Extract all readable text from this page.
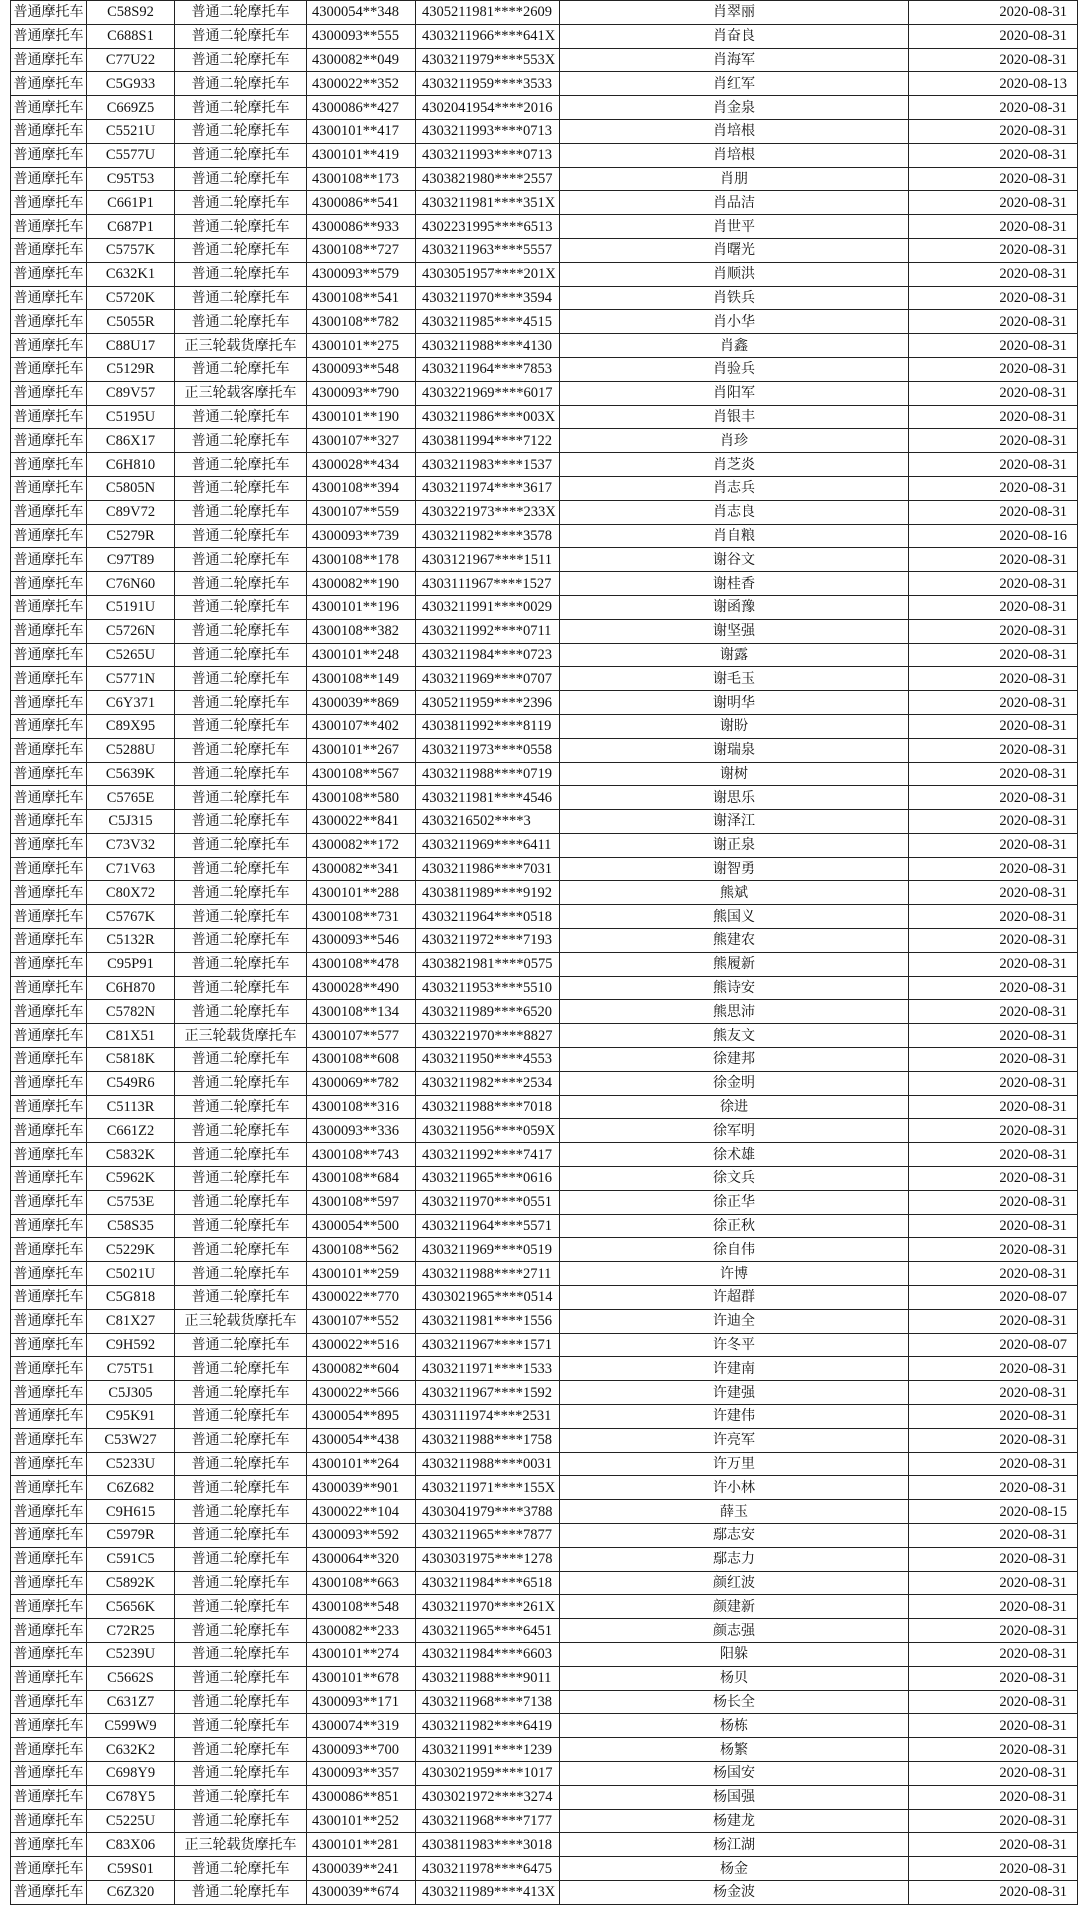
普通摩托车	C58S92	普通二轮摩托车	4300054**348	4305211981****2609	肖翠丽	2020-08-31
普通摩托车	C688S1	普通二轮摩托车	4300093**555	4303211966****641X	肖奋良	2020-08-31
普通摩托车	C77U22	普通二轮摩托车	4300082**049	4303211979****553X	肖海军	2020-08-31
普通摩托车	C5G933	普通二轮摩托车	4300022**352	4303211959****3533	肖红军	2020-08-13
普通摩托车	C669Z5	普通二轮摩托车	4300086**427	4302041954****2016	肖金泉	2020-08-31
普通摩托车	C5521U	普通二轮摩托车	4300101**417	4303211993****0713	肖培根	2020-08-31
普通摩托车	C5577U	普通二轮摩托车	4300101**419	4303211993****0713	肖培根	2020-08-31
普通摩托车	C95T53	普通二轮摩托车	4300108**173	4303821980****2557	肖朋	2020-08-31
普通摩托车	C661P1	普通二轮摩托车	4300086**541	4303211981****351X	肖品洁	2020-08-31
普通摩托车	C687P1	普通二轮摩托车	4300086**933	4302231995****6513	肖世平	2020-08-31
普通摩托车	C5757K	普通二轮摩托车	4300108**727	4303211963****5557	肖曙光	2020-08-31
普通摩托车	C632K1	普通二轮摩托车	4300093**579	4303051957****201X	肖顺洪	2020-08-31
普通摩托车	C5720K	普通二轮摩托车	4300108**541	4303211970****3594	肖铁兵	2020-08-31
普通摩托车	C5055R	普通二轮摩托车	4300108**782	4303211985****4515	肖小华	2020-08-31
普通摩托车	C88U17	正三轮载货摩托车	4300101**275	4303211988****4130	肖鑫	2020-08-31
普通摩托车	C5129R	普通二轮摩托车	4300093**548	4303211964****7853	肖验兵	2020-08-31
普通摩托车	C89V57	正三轮载客摩托车	4300093**790	4303221969****6017	肖阳军	2020-08-31
普通摩托车	C5195U	普通二轮摩托车	4300101**190	4303211986****003X	肖银丰	2020-08-31
普通摩托车	C86X17	普通二轮摩托车	4300107**327	4303811994****7122	肖珍	2020-08-31
普通摩托车	C6H810	普通二轮摩托车	4300028**434	4303211983****1537	肖芝炎	2020-08-31
普通摩托车	C5805N	普通二轮摩托车	4300108**394	4303211974****3617	肖志兵	2020-08-31
普通摩托车	C89V72	普通二轮摩托车	4300107**559	4303221973****233X	肖志良	2020-08-31
普通摩托车	C5279R	普通二轮摩托车	4300093**739	4303211982****3578	肖自粮	2020-08-16
普通摩托车	C97T89	普通二轮摩托车	4300108**178	4303121967****1511	谢谷文	2020-08-31
普通摩托车	C76N60	普通二轮摩托车	4300082**190	4303111967****1527	谢桂香	2020-08-31
普通摩托车	C5191U	普通二轮摩托车	4300101**196	4303211991****0029	谢函豫	2020-08-31
普通摩托车	C5726N	普通二轮摩托车	4300108**382	4303211992****0711	谢坚强	2020-08-31
普通摩托车	C5265U	普通二轮摩托车	4300101**248	4303211984****0723	谢露	2020-08-31
普通摩托车	C5771N	普通二轮摩托车	4300108**149	4303211969****0707	谢毛玉	2020-08-31
普通摩托车	C6Y371	普通二轮摩托车	4300039**869	4305211959****2396	谢明华	2020-08-31
普通摩托车	C89X95	普通二轮摩托车	4300107**402	4303811992****8119	谢盼	2020-08-31
普通摩托车	C5288U	普通二轮摩托车	4300101**267	4303211973****0558	谢瑞泉	2020-08-31
普通摩托车	C5639K	普通二轮摩托车	4300108**567	4303211988****0719	谢树	2020-08-31
普通摩托车	C5765E	普通二轮摩托车	4300108**580	4303211981****4546	谢思乐	2020-08-31
普通摩托车	C5J315	普通二轮摩托车	4300022**841	4303216502****3	谢泽江	2020-08-31
普通摩托车	C73V32	普通二轮摩托车	4300082**172	4303211969****6411	谢正泉	2020-08-31
普通摩托车	C71V63	普通二轮摩托车	4300082**341	4303211986****7031	谢智勇	2020-08-31
普通摩托车	C80X72	普通二轮摩托车	4300101**288	4303811989****9192	熊斌	2020-08-31
普通摩托车	C5767K	普通二轮摩托车	4300108**731	4303211964****0518	熊国义	2020-08-31
普通摩托车	C5132R	普通二轮摩托车	4300093**546	4303211972****7193	熊建农	2020-08-31
普通摩托车	C95P91	普通二轮摩托车	4300108**478	4303821981****0575	熊履新	2020-08-31
普通摩托车	C6H870	普通二轮摩托车	4300028**490	4303211953****5510	熊诗安	2020-08-31
普通摩托车	C5782N	普通二轮摩托车	4300108**134	4303211989****6520	熊思沛	2020-08-31
普通摩托车	C81X51	正三轮载货摩托车	4300107**577	4303221970****8827	熊友文	2020-08-31
普通摩托车	C5818K	普通二轮摩托车	4300108**608	4303211950****4553	徐建邦	2020-08-31
普通摩托车	C549R6	普通二轮摩托车	4300069**782	4303211982****2534	徐金明	2020-08-31
普通摩托车	C5113R	普通二轮摩托车	4300108**316	4303211988****7018	徐进	2020-08-31
普通摩托车	C661Z2	普通二轮摩托车	4300093**336	4303211956****059X	徐军明	2020-08-31
普通摩托车	C5832K	普通二轮摩托车	4300108**743	4303211992****7417	徐术雄	2020-08-31
普通摩托车	C5962K	普通二轮摩托车	4300108**684	4303211965****0616	徐文兵	2020-08-31
普通摩托车	C5753E	普通二轮摩托车	4300108**597	4303211970****0551	徐正华	2020-08-31
普通摩托车	C58S35	普通二轮摩托车	4300054**500	4303211964****5571	徐正秋	2020-08-31
普通摩托车	C5229K	普通二轮摩托车	4300108**562	4303211969****0519	徐自伟	2020-08-31
普通摩托车	C5021U	普通二轮摩托车	4300101**259	4303211988****2711	许博	2020-08-31
普通摩托车	C5G818	普通二轮摩托车	4300022**770	4303021965****0514	许超群	2020-08-07
普通摩托车	C81X27	正三轮载货摩托车	4300107**552	4303211981****1556	许迪全	2020-08-31
普通摩托车	C9H592	普通二轮摩托车	4300022**516	4303211967****1571	许冬平	2020-08-07
普通摩托车	C75T51	普通二轮摩托车	4300082**604	4303211971****1533	许建南	2020-08-31
普通摩托车	C5J305	普通二轮摩托车	4300022**566	4303211967****1592	许建强	2020-08-31
普通摩托车	C95K91	普通二轮摩托车	4300054**895	4303111974****2531	许建伟	2020-08-31
普通摩托车	C53W27	普通二轮摩托车	4300054**438	4303211988****1758	许亮军	2020-08-31
普通摩托车	C5233U	普通二轮摩托车	4300101**264	4303211988****0031	许万里	2020-08-31
普通摩托车	C6Z682	普通二轮摩托车	4300039**901	4303211971****155X	许小林	2020-08-31
普通摩托车	C9H615	普通二轮摩托车	4300022**104	4303041979****3788	薛玉	2020-08-15
普通摩托车	C5979R	普通二轮摩托车	4300093**592	4303211965****7877	鄢志安	2020-08-31
普通摩托车	C591C5	普通二轮摩托车	4300064**320	4303031975****1278	鄢志力	2020-08-31
普通摩托车	C5892K	普通二轮摩托车	4300108**663	4303211984****6518	颜红波	2020-08-31
普通摩托车	C5656K	普通二轮摩托车	4300108**548	4303211970****261X	颜建新	2020-08-31
普通摩托车	C72R25	普通二轮摩托车	4300082**233	4303211965****6451	颜志强	2020-08-31
普通摩托车	C5239U	普通二轮摩托车	4300101**274	4303211984****6603	阳躲	2020-08-31
普通摩托车	C5662S	普通二轮摩托车	4300101**678	4303211988****9011	杨贝	2020-08-31
普通摩托车	C631Z7	普通二轮摩托车	4300093**171	4303211968****7138	杨长全	2020-08-31
普通摩托车	C599W9	普通二轮摩托车	4300074**319	4303211982****6419	杨栋	2020-08-31
普通摩托车	C632K2	普通二轮摩托车	4300093**700	4303211991****1239	杨繁	2020-08-31
普通摩托车	C698Y9	普通二轮摩托车	4300093**357	4303021959****1017	杨国安	2020-08-31
普通摩托车	C678Y5	普通二轮摩托车	4300086**851	4303021972****3274	杨国强	2020-08-31
普通摩托车	C5225U	普通二轮摩托车	4300101**252	4303211968****7177	杨建龙	2020-08-31
普通摩托车	C83X06	正三轮载货摩托车	4300101**281	4303811983****3018	杨江湖	2020-08-31
普通摩托车	C59S01	普通二轮摩托车	4300039**241	4303211978****6475	杨金	2020-08-31
普通摩托车	C6Z320	普通二轮摩托车	4300039**674	4303211989****413X	杨金波	2020-08-31
